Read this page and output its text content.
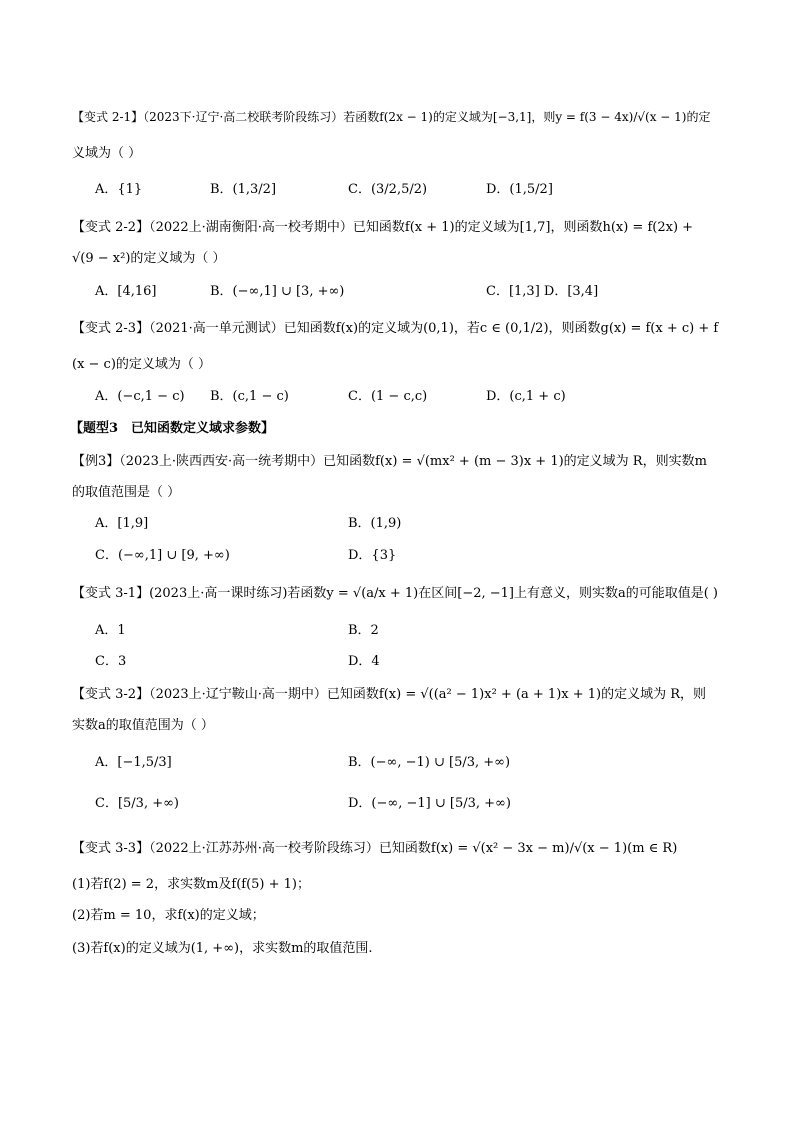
【变式 2-1】（2023下·辽宁·高二校联考阶段练习）若函数f(2x − 1)的定义域为[−3,1]，则y = f(3 − 4x)/√(x − 1)的定
义域为（ ）
A．{1}	B．(1,3/2]	C．(3/2,5/2)	D．(1,5/2]
【变式 2-2】（2022上·湖南衡阳·高一校考期中）已知函数f(x + 1)的定义域为[1,7]，则函数h(x) = f(2x) +
√(9 − x²)的定义域为（ ）
A．[4,16]	B．(−∞,1] ∪ [3, +∞)	C．[1,3] D．[3,4]
【变式 2-3】（2021·高一单元测试）已知函数f(x)的定义域为(0,1)，若c ∈ (0,1/2)，则函数g(x) = f(x + c) + f
(x − c)的定义域为（ ）
A．(−c,1 − c) B．(c,1 − c)	C．(1 − c,c)	D．(c,1 + c)
【题型3　已知函数定义域求参数】
【例3】（2023上·陕西西安·高一统考期中）已知函数f(x) = √(mx² + (m − 3)x + 1)的定义域为 R，则实数m
的取值范围是（ ）
A．[1,9]	B．(1,9)
C．(−∞,1] ∪ [9, +∞)	D．{3}
【变式 3-1】(2023上·高一课时练习)若函数y = √(a/x + 1)在区间[−2, −1]上有意义，则实数a的可能取值是( )
A．1	B．2
C．3	D．4
【变式 3-2】（2023上·辽宁鞍山·高一期中）已知函数f(x) = √((a² − 1)x² + (a + 1)x + 1)的定义域为 R，则
实数a的取值范围为（ ）
A．[−1,5/3]	B．(−∞, −1) ∪ [5/3, +∞)
C．[5/3, +∞)	D．(−∞, −1] ∪ [5/3, +∞)
【变式 3-3】（2022上·江苏苏州·高一校考阶段练习）已知函数f(x) = √(x² − 3x − m)/√(x − 1)(m ∈ R)
(1)若f(2) = 2，求实数m及f(f(5) + 1)；
(2)若m = 10，求f(x)的定义域；
(3)若f(x)的定义域为(1, +∞)，求实数m的取值范围.
